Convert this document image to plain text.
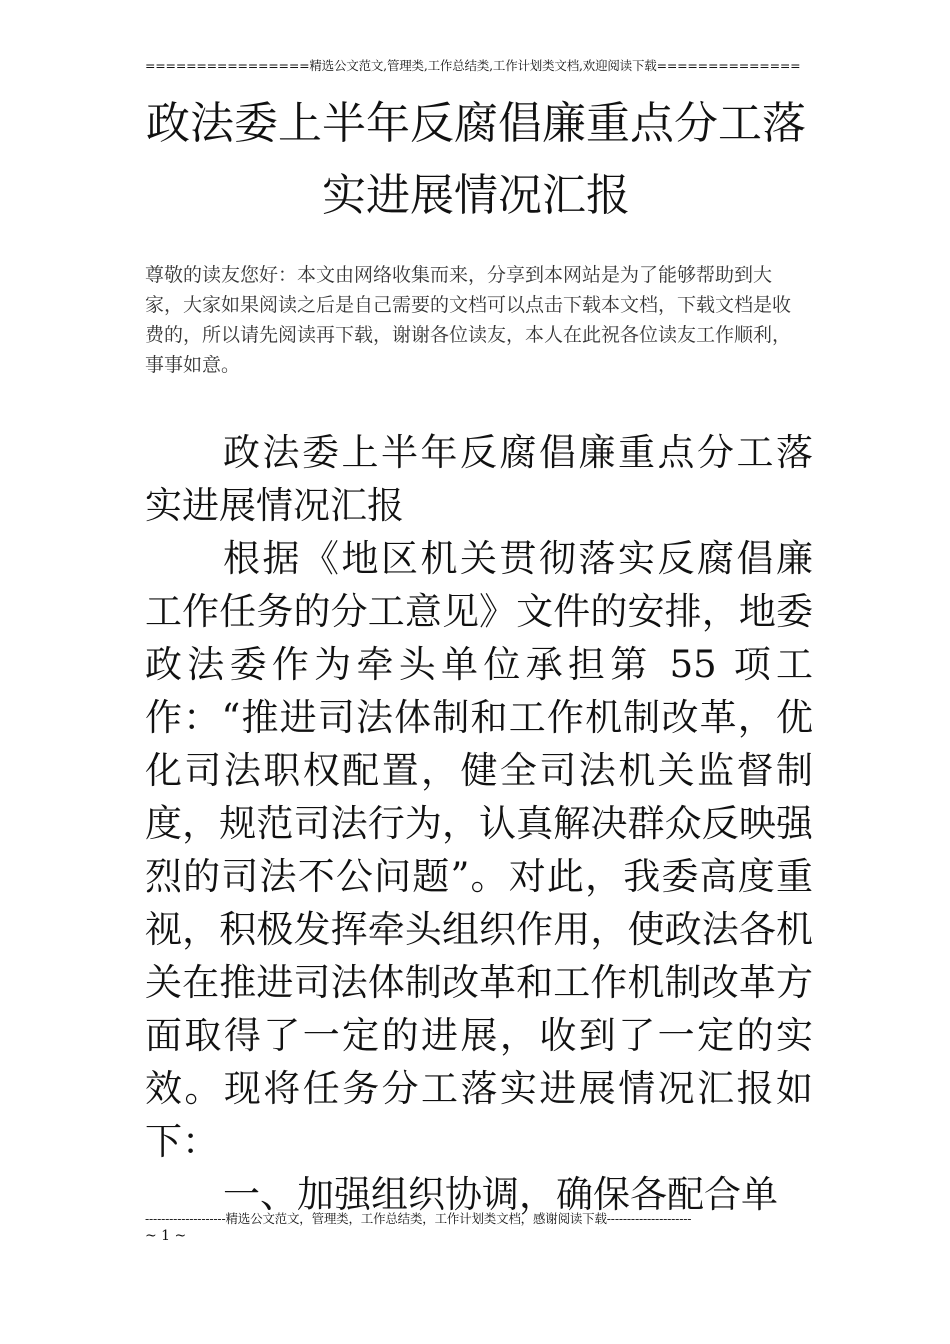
================精选公文范文,管理类,工作总结类,工作计划类文档,欢迎阅读下载==============
政法委上半年反腐倡廉重点分工落
实进展情况汇报

尊敬的读友您好：本文由网络收集而来，分享到本网站是为了能够帮助到大家，大家如果阅读之后是自己需要的文档可以点击下载本文档，下载文档是收费的，所以请先阅读再下载，谢谢各位读友，本人在此祝各位读友工作顺利，事事如意。

政法委上半年反腐倡廉重点分工落实进展情况汇报

根据《地区机关贯彻落实反腐倡廉工作任务的分工意见》文件的安排，地委政法委作为牵头单位承担第 55 项工作：“推进司法体制和工作机制改革，优化司法职权配置，健全司法机关监督制度，规范司法行为，认真解决群众反映强烈的司法不公问题”。对此，我委高度重视，积极发挥牵头组织作用，使政法各机关在推进司法体制改革和工作机制改革方面取得了一定的进展，收到了一定的实效。现将任务分工落实进展情况汇报如下：

一、加强组织协调，确保各配合单

--------------------精选公文范文，管理类，工作总结类，工作计划类文档，感谢阅读下载---------------------
~ 1 ~
